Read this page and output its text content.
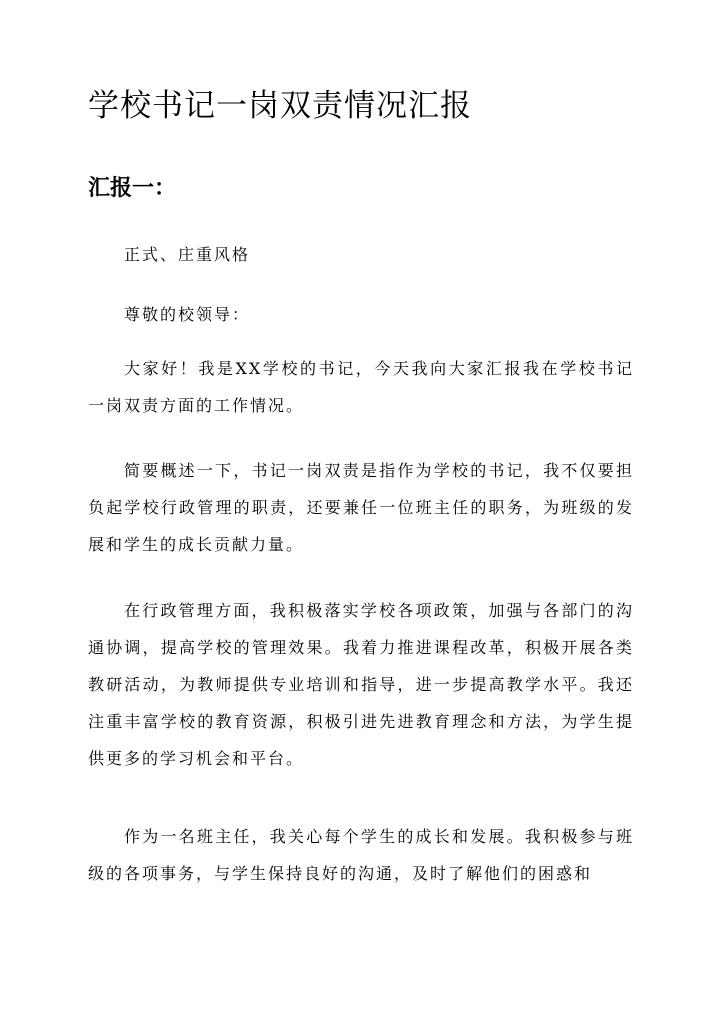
学校书记一岗双责情况汇报
汇报一：

正式、庄重风格

尊敬的校领导：

大家好！我是XX学校的书记，今天我向大家汇报我在学校书记一岗双责方面的工作情况。

简要概述一下，书记一岗双责是指作为学校的书记，我不仅要担负起学校行政管理的职责，还要兼任一位班主任的职务，为班级的发展和学生的成长贡献力量。

在行政管理方面，我积极落实学校各项政策，加强与各部门的沟通协调，提高学校的管理效果。我着力推进课程改革，积极开展各类教研活动，为教师提供专业培训和指导，进一步提高教学水平。我还注重丰富学校的教育资源，积极引进先进教育理念和方法，为学生提供更多的学习机会和平台。

作为一名班主任，我关心每个学生的成长和发展。我积极参与班级的各项事务，与学生保持良好的沟通，及时了解他们的困惑和
